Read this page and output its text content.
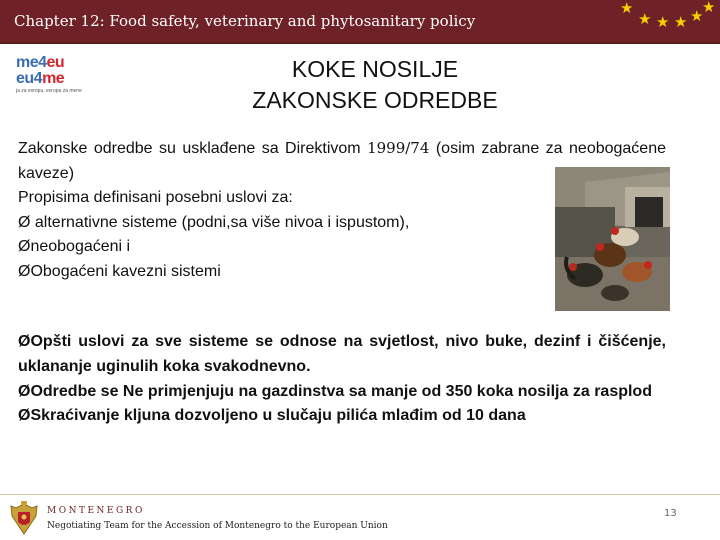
Chapter 12: Food safety, veterinary and phytosanitary policy
★
★ ★ ★ ★
★
me4eu
eu4me
ja za evropu, evropa za mene
KOKE NOSILJE
ZAKONSKE ODREDBE
Zakonske odredbe su usklađene sa Direktivom 1999/74 (osim zabrane za neobogaćene kaveze)
Propisima definisani posebni uslovi za:
Ø alternativne sisteme (podni,sa više nivoa i ispustom),
Øneobogaćeni i
ØObogaćeni kavezni sistemi
ØOpšti uslovi za sve sisteme se odnose na svjetlost, nivo buke, dezinf i čišćenje, uklananje uginulih koka svakodnevno.
ØOdredbe se Ne primjenjuju na gazdinstva sa manje od 350 koka nosilja za rasplod
ØSkraćivanje kljuna dozvoljeno u slučaju pilića mlađim od 10 dana
MONTENEGRO
Negotiating Team for the Accession of Montenegro to the European Union
13
